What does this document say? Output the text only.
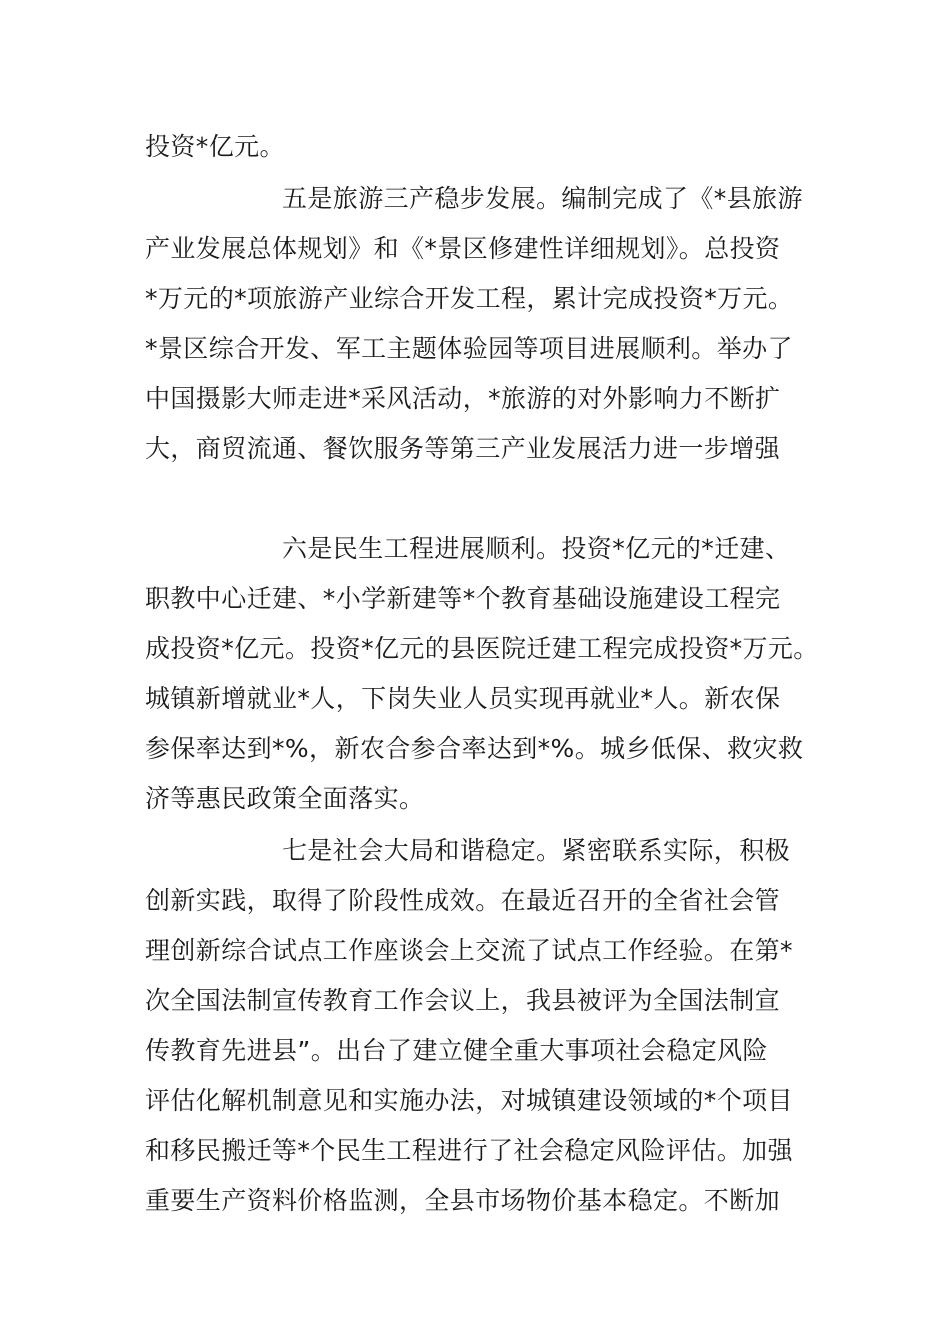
投资*亿元。

五是旅游三产稳步发展。编制完成了《*县旅游

产业发展总体规划》和《*景区修建性详细规划》。总投资

*万元的*项旅游产业综合开发工程，累计完成投资*万元。

*景区综合开发、军工主题体验园等项目进展顺利。举办了

中国摄影大师走进*采风活动，*旅游的对外影响力不断扩

大，商贸流通、餐饮服务等第三产业发展活力进一步增强

六是民生工程进展顺利。投资*亿元的*迁建、

职教中心迁建、*小学新建等*个教育基础设施建设工程完

成投资*亿元。投资*亿元的县医院迁建工程完成投资*万元。

城镇新增就业*人，下岗失业人员实现再就业*人。新农保

参保率达到*%，新农合参合率达到*%。城乡低保、救灾救

济等惠民政策全面落实。

七是社会大局和谐稳定。紧密联系实际，积极

创新实践，取得了阶段性成效。在最近召开的全省社会管

理创新综合试点工作座谈会上交流了试点工作经验。在第*

次全国法制宣传教育工作会议上，我县被评为全国法制宣

传教育先进县”。出台了建立健全重大事项社会稳定风险

评估化解机制意见和实施办法，对城镇建设领域的*个项目

和移民搬迁等*个民生工程进行了社会稳定风险评估。加强

重要生产资料价格监测，全县市场物价基本稳定。不断加
